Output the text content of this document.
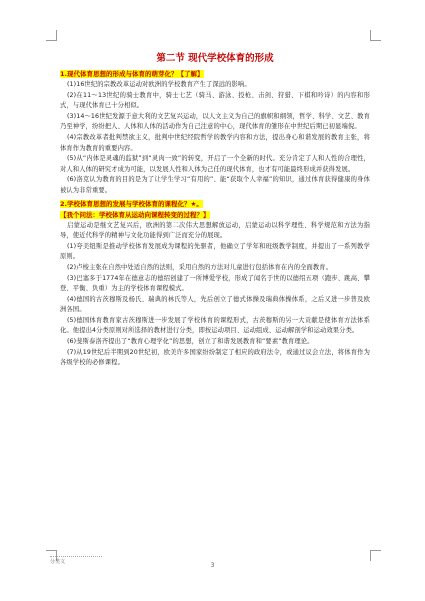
第二节 现代学校体育的形成
1.现代体育思想的形成与体育的萌芽化？【了解】

(1)16世纪的宗教改革运动对欧洲的学校教育产生了深远的影响。

(2)在11～13世纪的骑士教育中，骑士七艺（骑马、游泳、投枪、击剑、狩猎、下棋和吟诗）的内容和形式，与现代体育已十分相似。

(3)14～16世纪发源于意大利的文艺复兴运动，以人文主义为自己的旗帜和纲领，哲学、科学、文艺、教育乃至神学，纷纷把人、人体和人体的活动作为自己注意的中心，现代体育的雏形在中世纪后期已初显端倪。

(4)宗教改革者批判禁欲主义，批判中世纪经院哲学的教学内容和方法，提出身心和谐发展的教育主张，将体育作为教育的重要内容。

(5)从“内体是灵魂的监狱”到“灵肉一致”的转变，开启了一个全新的时代。充分肯定了人和人性的合理性，对人和人体的研究才成为可能，以发展人性和人体为己任的现代体育，也才有可能最终形成并获得发展。

(6)洛克认为教育的目的是为了让学生学习“有用的”、能“获取个人幸福”的知识，通过体育获得健康的身体被认为非常重要。

2.学校体育思想的发展与学校体育的课程化？★。
【我个问法：学校体育从运动向课程转变的过程？】

启蒙运动是继文艺复兴后，欧洲的第二次伟大思想解放运动，启蒙运动以科学理性、科学规范和方法为指导，使近代科学的精神与文化功能得到广泛而充分的展现。

(1)夸美纽斯是推动学校体育发展成为课程的先驱者，他确立了学年和班级教学制度，并提出了一系列教学原则。

(2)卢梭主张在自然中处适自然的法则，采用自然的方法对儿童进行包括体育在内的全面教育。

(3)巴塞多于1774年在德意志的德绍创建了一所博爱学校，形成了闻名于世的以德绍五项（跑步、跳高、攀登、平衡、负重）为主的学校体育课程模式。

(4)德国的古茨穆斯及杨氏、瑞典的林氏等人，先后创立了德式体操及瑞典体操体系，之后又进一步普及欧洲各国。

(5)德国体育教育家古茨穆斯进一步发展了学校体育的课程形式，古茨穆斯的另一大贡献是使体育方法体系化。他提出4分类原则对所选择的教材进行分类，即按运动项目、运动组成、运动解剖学和运动效果分类。

(6)斐斯泰洛齐提出了“教育心理学化”的思想，创立了和谐发展教育和“要素”教育理论。

(7)从19世纪后半期到20世纪初，欧美许多国家纷纷制定了相应的政府法令，或通过议会立法，将体育作为各级学校的必修课程。

分类文	3
